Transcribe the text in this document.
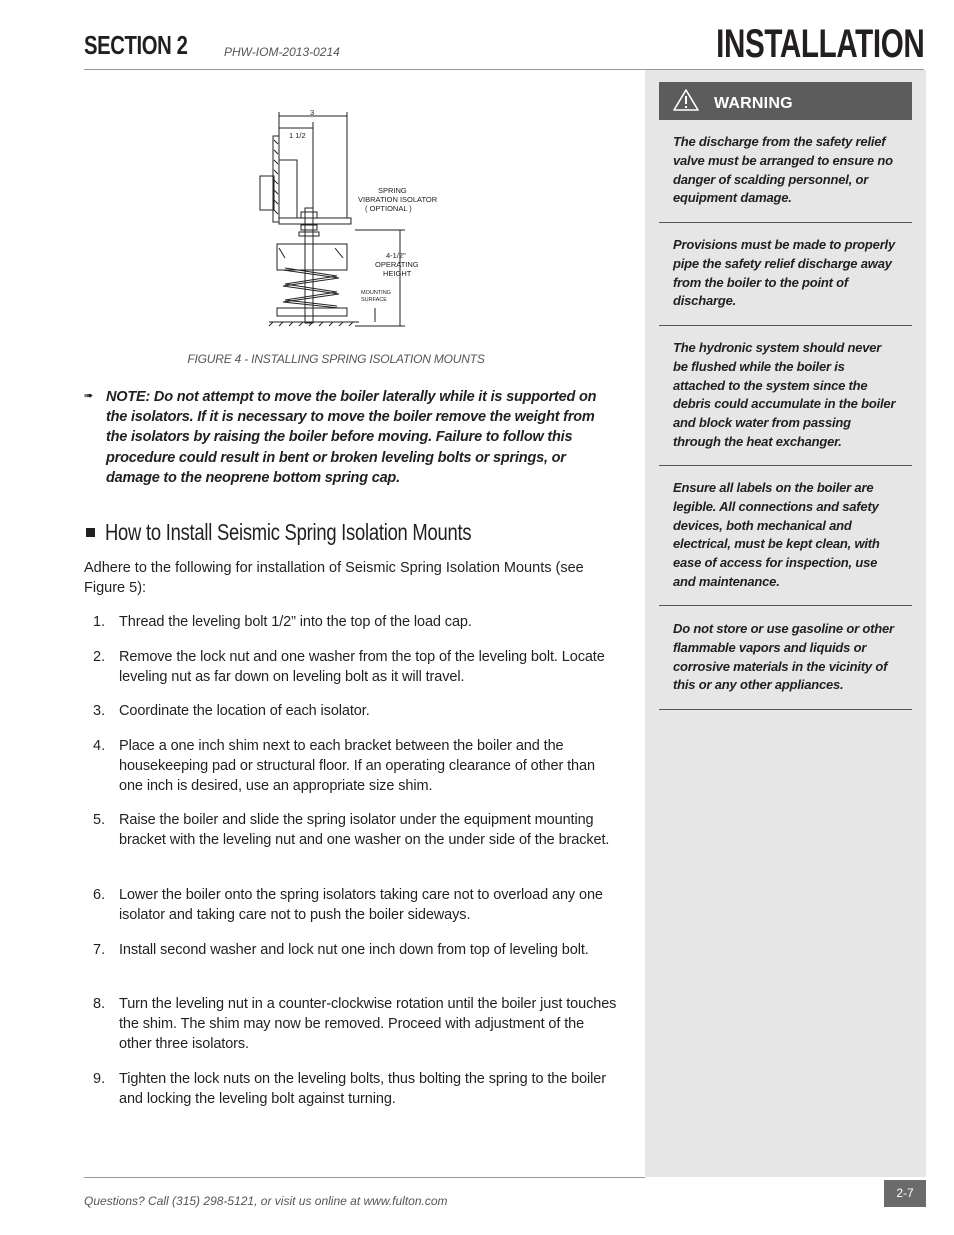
SECTION 2	PHW-IOM-2013-0214	INSTALLATION
WARNING

The discharge from the safety relief valve must be arranged to ensure no danger of scalding personnel, or equipment damage.

Provisions must be made to properly pipe the safety relief discharge away from the boiler to the point of discharge.

The hydronic system should never be flushed while the boiler is attached to the system since the debris could accumulate in the boiler and block water from passing through the heat exchanger.

Ensure all labels on the boiler are legible. All connections and safety devices, both mechanical and electrical, must be kept clean, with ease of access for inspection, use and maintenance.

Do not store or use gasoline or other flammable vapors and liquids or corrosive materials in the vicinity of this or any other appliances.

3
1 1/2
SPRING
VIBRATION ISOLATOR
( OPTIONAL )
4-1/2"
OPERATING
HEIGHT
MOUNTING
SURFACE
FIGURE 4 - INSTALLING SPRING ISOLATION MOUNTS
➠ NOTE: Do not attempt to move the boiler laterally while it is supported on the isolators. If it is necessary to move the boiler remove the weight from the isolators by raising the boiler before moving. Failure to follow this procedure could result in bent or broken leveling bolts or springs, or damage to the neoprene bottom spring cap.

How to Install Seismic Spring Isolation Mounts

Adhere to the following for installation of Seismic Spring Isolation Mounts (see Figure 5):

1. Thread the leveling bolt 1/2” into the top of the load cap.
2. Remove the lock nut and one washer from the top of the leveling bolt. Locate leveling nut as far down on leveling bolt as it will travel.
3. Coordinate the location of each isolator.
4. Place a one inch shim next to each bracket between the boiler and the housekeeping pad or structural floor. If an operating clearance of other than one inch is desired, use an appropriate size shim.
5. Raise the boiler and slide the spring isolator under the equipment mounting bracket with the leveling nut and one washer on the under side of the bracket.
6. Lower the boiler onto the spring isolators taking care not to overload any one isolator and taking care not to push the boiler sideways.
7. Install second washer and lock nut one inch down from top of leveling bolt.
8. Turn the leveling nut in a counter-clockwise rotation until the boiler just touches the shim. The shim may now be removed. Proceed with adjustment of the other three isolators.
9. Tighten the lock nuts on the leveling bolts, thus bolting the spring to the boiler and locking the leveling bolt against turning.
Questions? Call (315) 298-5121, or visit us online at www.fulton.com
2-7
